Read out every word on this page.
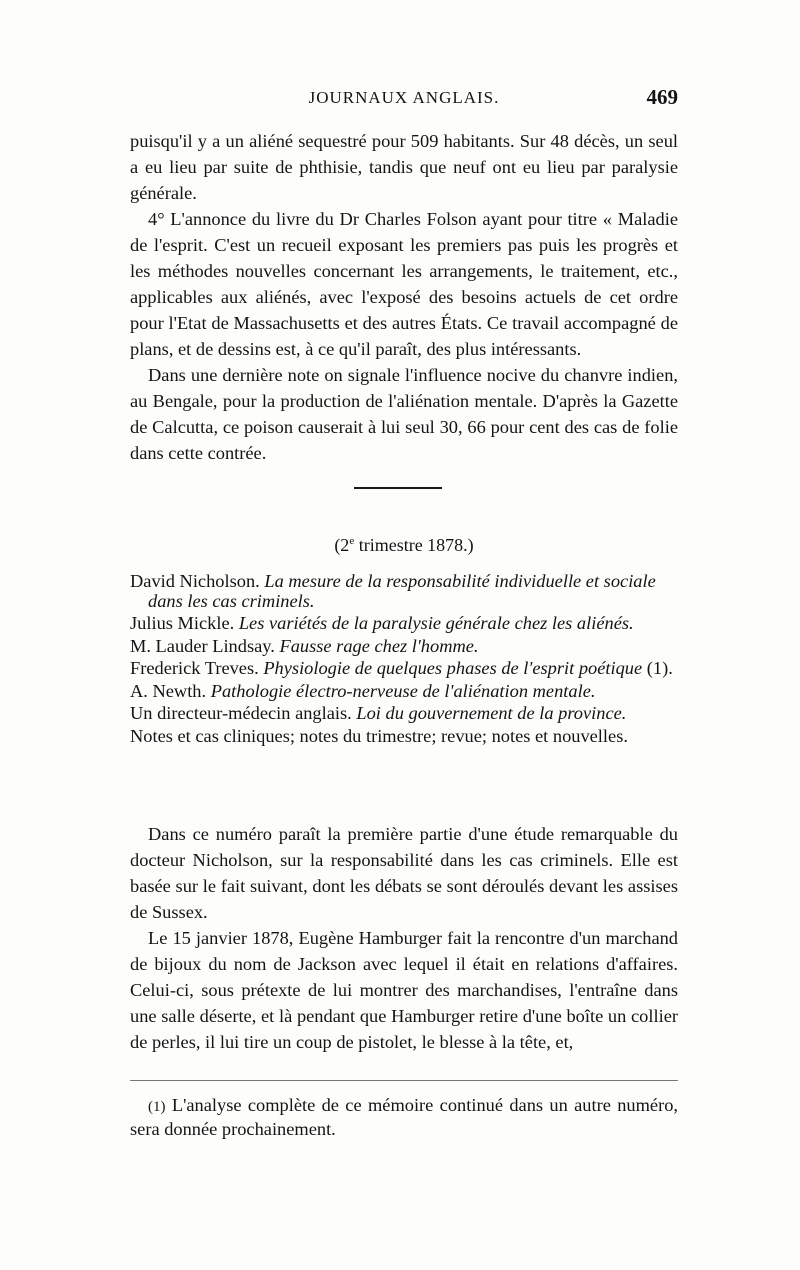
JOURNAUX ANGLAIS.	469

puisqu'il y a un aliéné sequestré pour 509 habitants. Sur 48 décès, un seul a eu lieu par suite de phthisie, tandis que neuf ont eu lieu par paralysie générale.

4° L'annonce du livre du Dr Charles Folson ayant pour titre « Maladie de l'esprit. C'est un recueil exposant les premiers pas puis les progrès et les méthodes nouvelles concernant les arrangements, le traitement, etc., applicables aux aliénés, avec l'exposé des besoins actuels de cet ordre pour l'Etat de Massachusetts et des autres États. Ce travail accompagné de plans, et de dessins est, à ce qu'il paraît, des plus intéressants.

Dans une dernière note on signale l'influence nocive du chanvre indien, au Bengale, pour la production de l'aliénation mentale. D'après la Gazette de Calcutta, ce poison causerait à lui seul 30, 66 pour cent des cas de folie dans cette contrée.

(2e trimestre 1878.)

David Nicholson. La mesure de la responsabilité individuelle et sociale dans les cas criminels.

Julius Mickle. Les variétés de la paralysie générale chez les aliénés.

M. Lauder Lindsay. Fausse rage chez l'homme.

Frederick Treves. Physiologie de quelques phases de l'esprit poétique (1).

A. Newth. Pathologie électro-nerveuse de l'aliénation mentale.

Un directeur-médecin anglais. Loi du gouvernement de la province.

Notes et cas cliniques; notes du trimestre; revue; notes et nouvelles.

Dans ce numéro paraît la première partie d'une étude remarquable du docteur Nicholson, sur la responsabilité dans les cas criminels. Elle est basée sur le fait suivant, dont les débats se sont déroulés devant les assises de Sussex.

Le 15 janvier 1878, Eugène Hamburger fait la rencontre d'un marchand de bijoux du nom de Jackson avec lequel il était en relations d'affaires. Celui-ci, sous prétexte de lui montrer des marchandises, l'entraîne dans une salle déserte, et là pendant que Hamburger retire d'une boîte un collier de perles, il lui tire un coup de pistolet, le blesse à la tête, et,

(1) L'analyse complète de ce mémoire continué dans un autre numéro, sera donnée prochainement.
